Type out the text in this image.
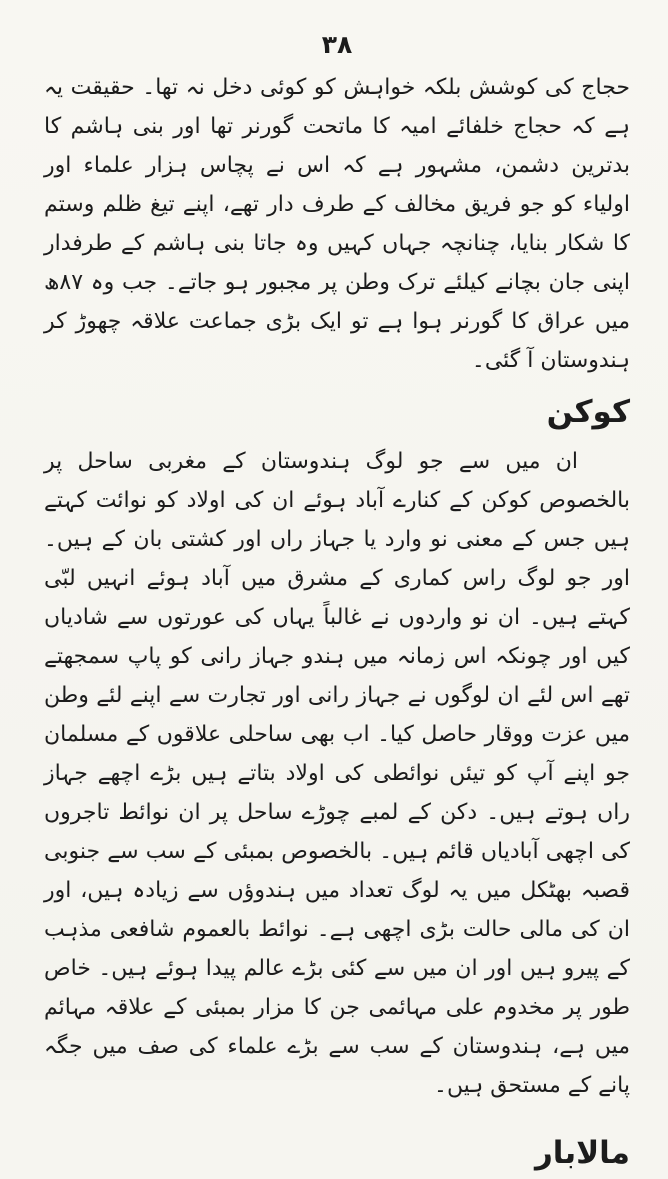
۳۸

حجاج کی کوشش بلکہ خواہش کو کوئی دخل نہ تھا۔ حقیقت یہ ہے کہ حجاج خلفائے امیہ کا ماتحت گورنر تھا اور بنی ہاشم کا بدترین دشمن، مشہور ہے کہ اس نے پچاس ہزار علماء اور اولیاء کو جو فریق مخالف کے طرف دار تھے، اپنے تیغ ظلم وستم کا شکار بنایا، چنانچہ جہاں کہیں وہ جاتا بنی ہاشم کے طرفدار اپنی جان بچانے کیلئے ترک وطن پر مجبور ہو جاتے۔ جب وہ ۸۷ھ میں عراق کا گورنر ہوا ہے تو ایک بڑی جماعت علاقہ چھوڑ کر ہندوستان آ گئی۔

کوکن

ان میں سے جو لوگ ہندوستان کے مغربی ساحل پر بالخصوص کوکن کے کنارے آباد ہوئے ان کی اولاد کو نوائت کہتے ہیں جس کے معنی نو وارد یا جہاز راں اور کشتی بان کے ہیں۔ اور جو لوگ راس کماری کے مشرق میں آباد ہوئے انہیں لبّی کہتے ہیں۔ ان نو واردوں نے غالباً یہاں کی عورتوں سے شادیاں کیں اور چونکہ اس زمانہ میں ہندو جہاز رانی کو پاپ سمجھتے تھے اس لئے ان لوگوں نے جہاز رانی اور تجارت سے اپنے لئے وطن میں عزت ووقار حاصل کیا۔ اب بھی ساحلی علاقوں کے مسلمان جو اپنے آپ کو تیئں نوائطی کی اولاد بتاتے ہیں بڑے اچھے جہاز راں ہوتے ہیں۔ دکن کے لمبے چوڑے ساحل پر ان نوائط تاجروں کی اچھی آبادیاں قائم ہیں۔ بالخصوص بمبئی کے سب سے جنوبی قصبہ بھٹکل میں یہ لوگ تعداد میں ہندوؤں سے زیادہ ہیں، اور ان کی مالی حالت بڑی اچھی ہے۔ نوائط بالعموم شافعی مذہب کے پیرو ہیں اور ان میں سے کئی بڑے عالم پیدا ہوئے ہیں۔ خاص طور پر مخدوم علی مہائمی جن کا مزار بمبئی کے علاقہ مہائم میں ہے، ہندوستان کے سب سے بڑے علماء کی صف میں جگہ پانے کے مستحق ہیں۔

مالابار
